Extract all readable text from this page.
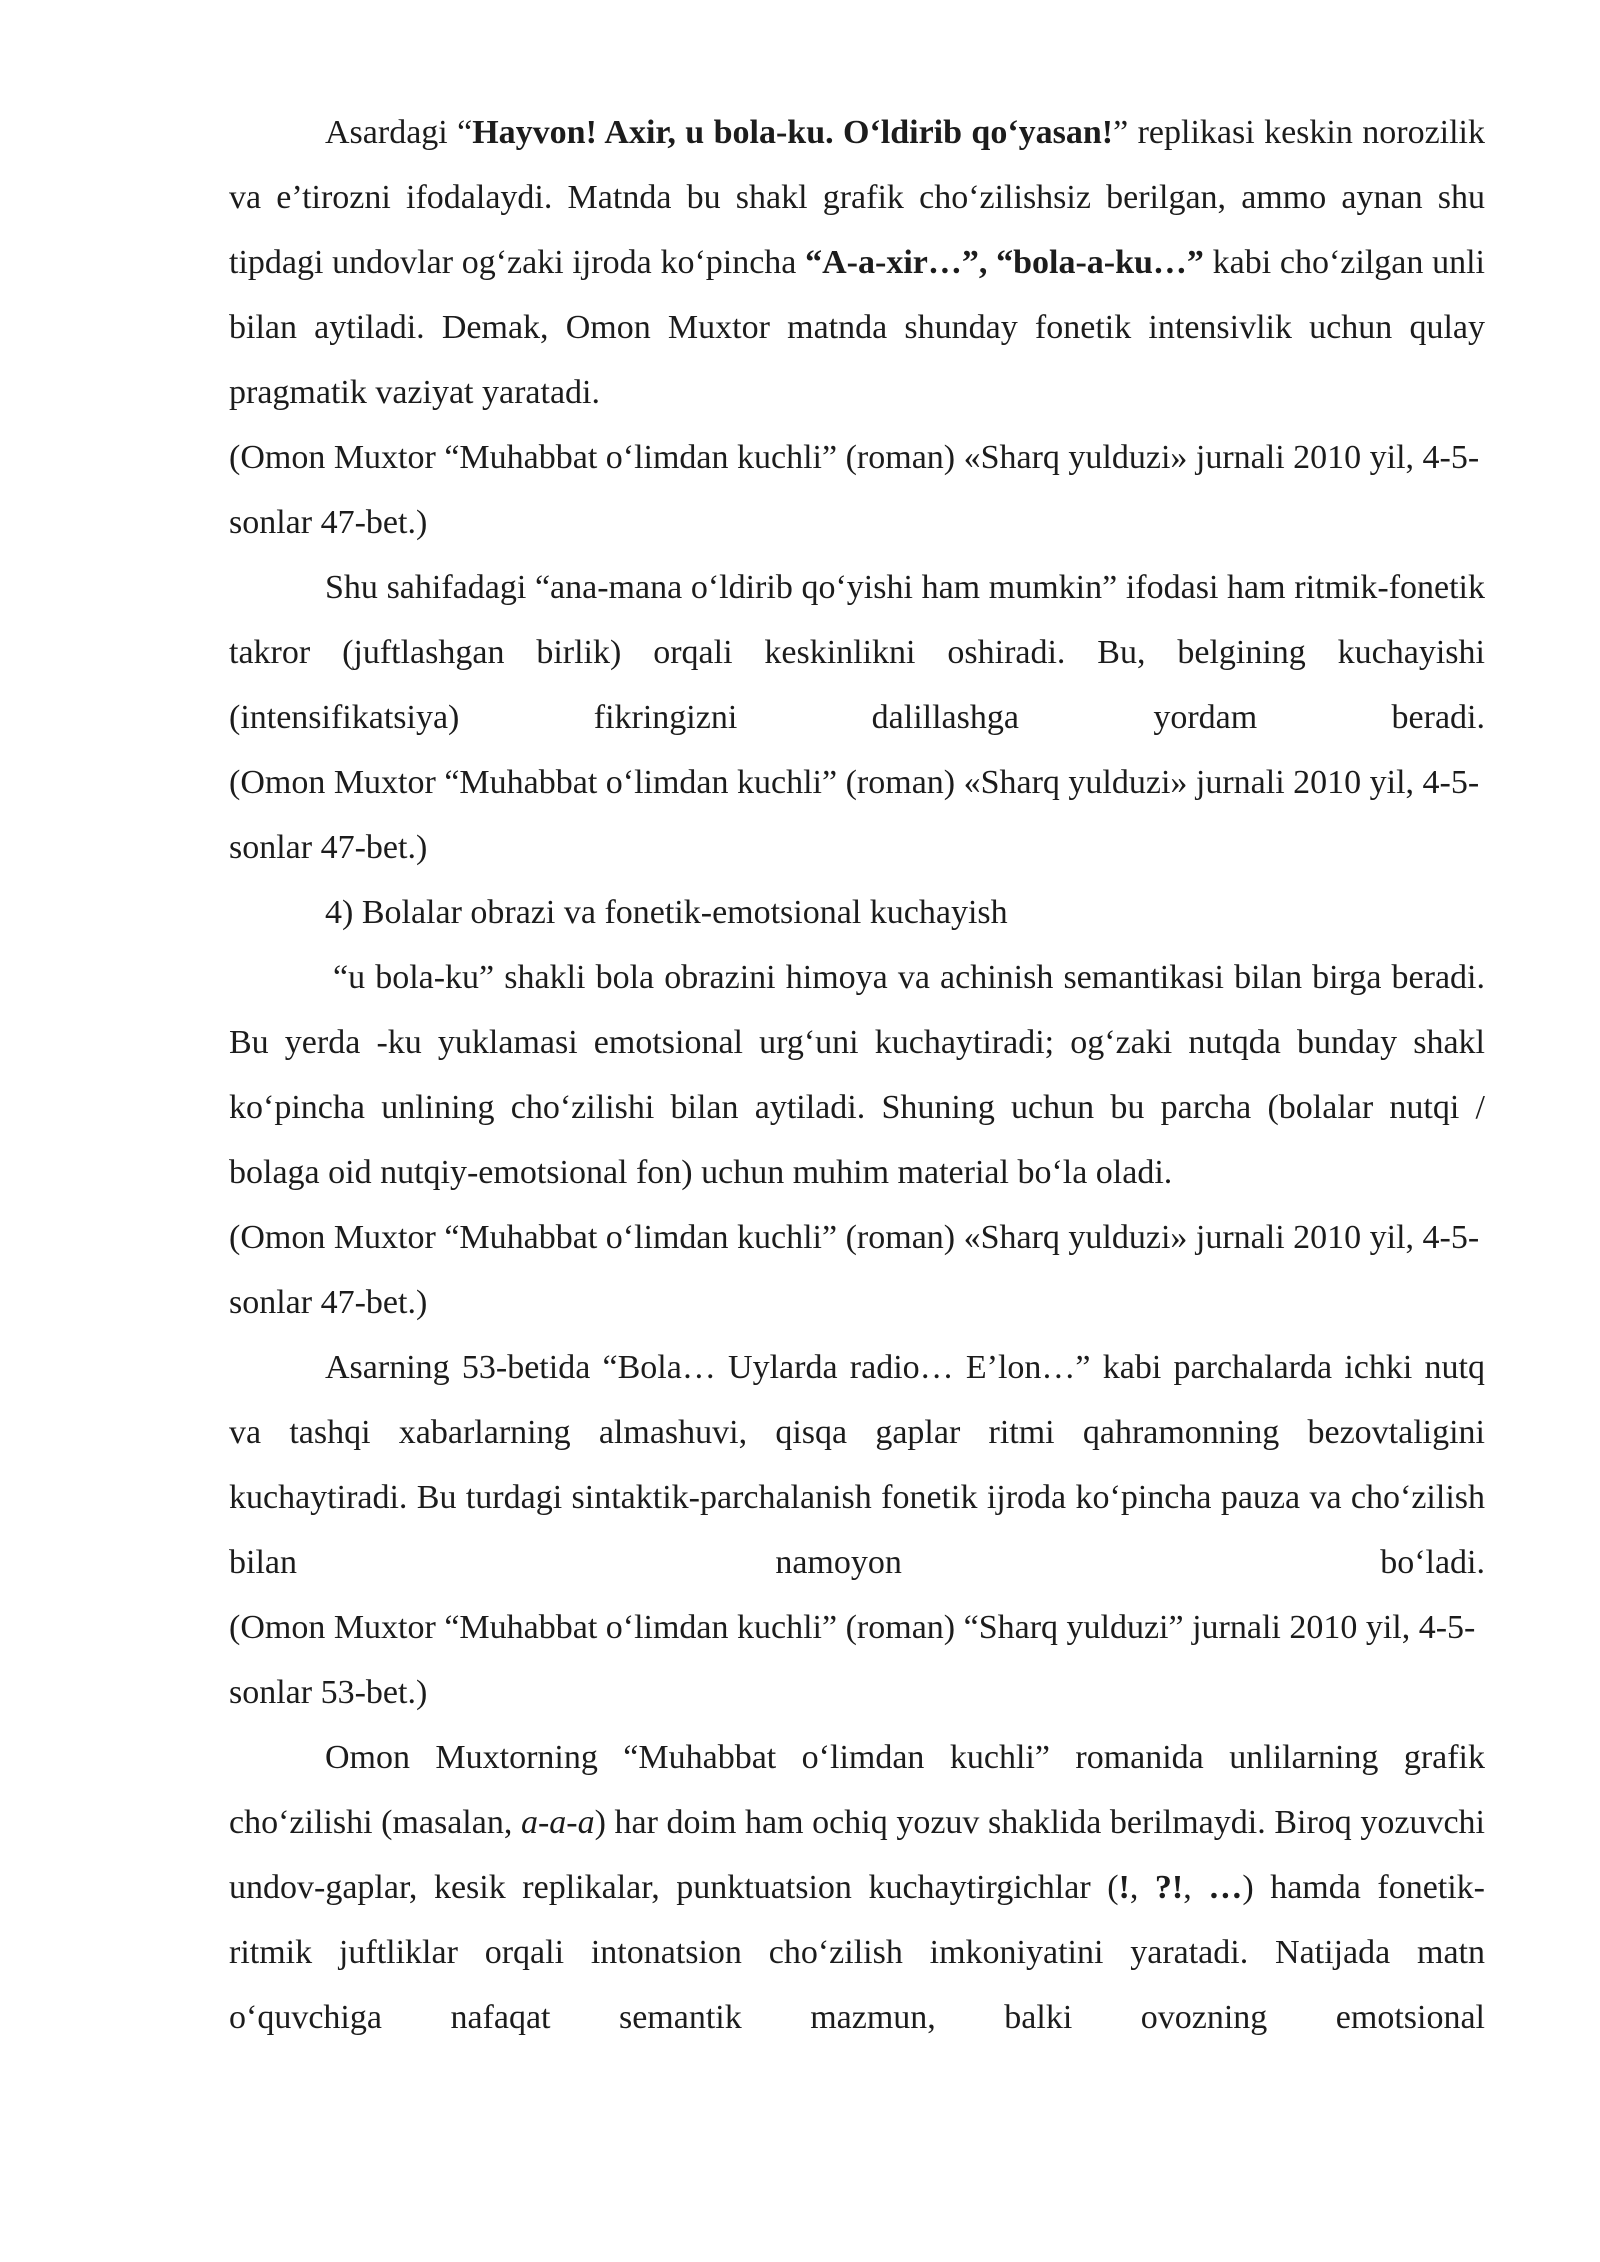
Asardagi “Hayvon! Axir, u bola-ku. O‘ldirib qo‘yasan!” replikasi keskin norozilik va e’tirozni ifodalaydi. Matnda bu shakl grafik cho‘zilishsiz berilgan, ammo aynan shu tipdagi undovlar og‘zaki ijroda ko‘pincha “A-a-xir…”, “bola-a-ku…” kabi cho‘zilgan unli bilan aytiladi. Demak, Omon Muxtor matnda shunday fonetik intensivlik uchun qulay pragmatik vaziyat yaratadi.

(Omon Muxtor “Muhabbat o‘limdan kuchli” (roman) «Sharq yulduzi» jurnali 2010 yil, 4-5-sonlar 47-bet.)

Shu sahifadagi “ana-mana o‘ldirib qo‘yishi ham mumkin” ifodasi ham ritmik-fonetik takror (juftlashgan birlik) orqali keskinlikni oshiradi. Bu, belgining kuchayishi (intensifikatsiya) fikringizni dalillashga yordam beradi.

(Omon Muxtor “Muhabbat o‘limdan kuchli” (roman) «Sharq yulduzi» jurnali 2010 yil, 4-5-sonlar 47-bet.)

4) Bolalar obrazi va fonetik-emotsional kuchayish

“u bola-ku” shakli bola obrazini himoya va achinish semantikasi bilan birga beradi. Bu yerda -ku yuklamasi emotsional urg‘uni kuchaytiradi; og‘zaki nutqda bunday shakl ko‘pincha unlining cho‘zilishi bilan aytiladi. Shuning uchun bu parcha (bolalar nutqi / bolaga oid nutqiy-emotsional fon) uchun muhim material bo‘la oladi.

(Omon Muxtor “Muhabbat o‘limdan kuchli” (roman) «Sharq yulduzi» jurnali 2010 yil, 4-5-sonlar 47-bet.)

Asarning 53-betida “Bola… Uylarda radio… E’lon…” kabi parchalarda ichki nutq va tashqi xabarlarning almashuvi, qisqa gaplar ritmi qahramonning bezovtaligini kuchaytiradi. Bu turdagi sintaktik-parchalanish fonetik ijroda ko‘pincha pauza va cho‘zilish bilan namoyon bo‘ladi.

(Omon Muxtor “Muhabbat o‘limdan kuchli” (roman) “Sharq yulduzi” jurnali 2010 yil, 4-5-sonlar 53-bet.)

Omon Muxtorning “Muhabbat o‘limdan kuchli” romanida unlilarning grafik cho‘zilishi (masalan, a-a-a) har doim ham ochiq yozuv shaklida berilmaydi. Biroq yozuvchi undov-gaplar, kesik replikalar, punktuatsion kuchaytirgichlar (!, ?!, …) hamda fonetik-ritmik juftliklar orqali intonatsion cho‘zilish imkoniyatini yaratadi. Natijada matn o‘quvchiga nafaqat semantik mazmun, balki ovozning emotsional
